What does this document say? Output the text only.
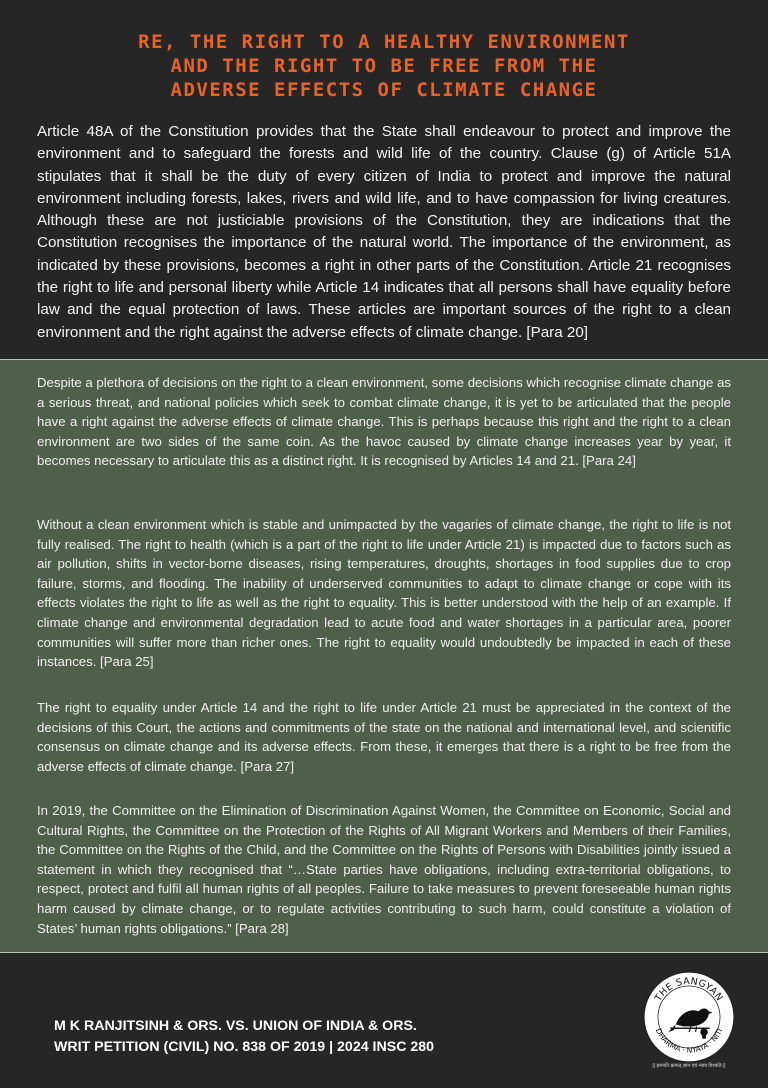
RE, THE RIGHT TO A HEALTHY ENVIRONMENT
AND THE RIGHT TO BE FREE FROM THE
ADVERSE EFFECTS OF CLIMATE CHANGE

Article 48A of the Constitution provides that the State shall endeavour to protect and improve the environment and to safeguard the forests and wild life of the country. Clause (g) of Article 51A stipulates that it shall be the duty of every citizen of India to protect and improve the natural environment including forests, lakes, rivers and wild life, and to have compassion for living creatures. Although these are not justiciable provisions of the Constitution, they are indications that the Constitution recognises the importance of the natural world. The importance of the environment, as indicated by these provisions, becomes a right in other parts of the Constitution. Article 21 recognises the right to life and personal liberty while Article 14 indicates that all persons shall have equality before law and the equal protection of laws. These articles are important sources of the right to a clean environment and the right against the adverse effects of climate change. [Para 20]

Despite a plethora of decisions on the right to a clean environment, some decisions which recognise climate change as a serious threat, and national policies which seek to combat climate change, it is yet to be articulated that the people have a right against the adverse effects of climate change. This is perhaps because this right and the right to a clean environment are two sides of the same coin. As the havoc caused by climate change increases year by year, it becomes necessary to articulate this as a distinct right. It is recognised by Articles 14 and 21. [Para 24]

Without a clean environment which is stable and unimpacted by the vagaries of climate change, the right to life is not fully realised. The right to health (which is a part of the right to life under Article 21) is impacted due to factors such as air pollution, shifts in vector-borne diseases, rising temperatures, droughts, shortages in food supplies due to crop failure, storms, and flooding. The inability of underserved communities to adapt to climate change or cope with its effects violates the right to life as well as the right to equality. This is better understood with the help of an example. If climate change and environmental degradation lead to acute food and water shortages in a particular area, poorer communities will suffer more than richer ones. The right to equality would undoubtedly be impacted in each of these instances. [Para 25]

The right to equality under Article 14 and the right to life under Article 21 must be appreciated in the context of the decisions of this Court, the actions and commitments of the state on the national and international level, and scientific consensus on climate change and its adverse effects. From these, it emerges that there is a right to be free from the adverse effects of climate change. [Para 27]

In 2019, the Committee on the Elimination of Discrimination Against Women, the Committee on Economic, Social and Cultural Rights, the Committee on the Protection of the Rights of All Migrant Workers and Members of their Families, the Committee on the Rights of the Child, and the Committee on the Rights of Persons with Disabilities jointly issued a statement in which they recognised that “…State parties have obligations, including extra-territorial obligations, to respect, protect and fulfil all human rights of all peoples. Failure to take measures to prevent foreseeable human rights harm caused by climate change, or to regulate activities contributing to such harm, could constitute a violation of States’ human rights obligations.” [Para 28]

M K RANJITSINH & ORS. VS. UNION OF INDIA & ORS.
WRIT PETITION (CIVIL) NO. 838 OF 2019 | 2024 INSC 280
THE SANGYAN
DHARMA · NYAYA · NITI
|| ज्ञानाति क्रमात् ज्ञान एवं न्याय विश्वति ||
